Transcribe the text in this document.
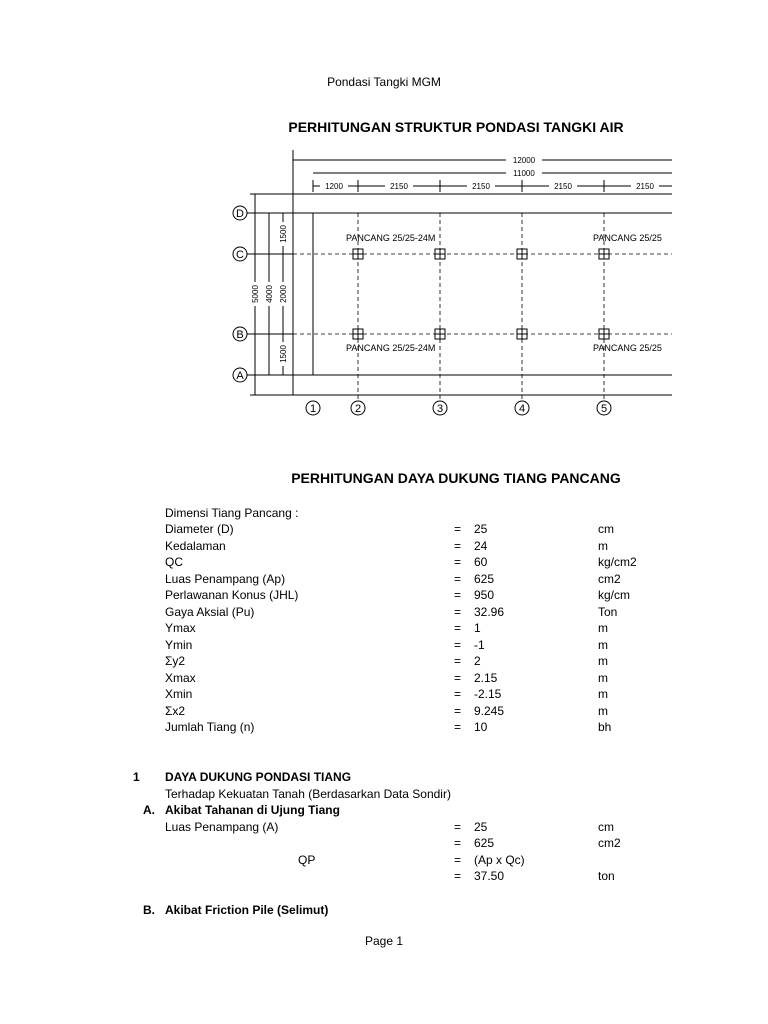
Pondasi Tangki MGM
PERHITUNGAN STRUKTUR PONDASI TANGKI AIR
D
C
B
A
1	2	3	4	5
12000
11000
1200	2150	2150	2150	2150
5000 4000
1500
2000
1500
PANCANG 25/25-24M	PANCANG 25/25
PANCANG 25/25-24M	PANCANG 25/25
PERHITUNGAN DAYA DUKUNG TIANG PANCANG
Dimensi Tiang Pancang :
Diameter (D)	= 25	cm
Kedalaman	= 24	m
QC	= 60	kg/cm2
Luas Penampang (Ap)	= 625	cm2
Perlawanan Konus (JHL)	= 950	kg/cm
Gaya Aksial (Pu)	= 32.96	Ton
Ymax	= 1	m
Ymin	= -1	m
Σy2	= 2	m
Xmax	= 2.15	m
Xmin	= -2.15	m
Σx2	= 9.245	m
Jumlah Tiang (n)	= 10	bh
1 DAYA DUKUNG PONDASI TIANG
Terhadap Kekuatan Tanah (Berdasarkan Data Sondir)
A. Akibat Tahanan di Ujung Tiang
Luas Penampang (A)	= 25	cm
= 625	cm2
QP	= (Ap x Qc)
= 37.50	ton
B. Akibat Friction Pile (Selimut)
Page 1
